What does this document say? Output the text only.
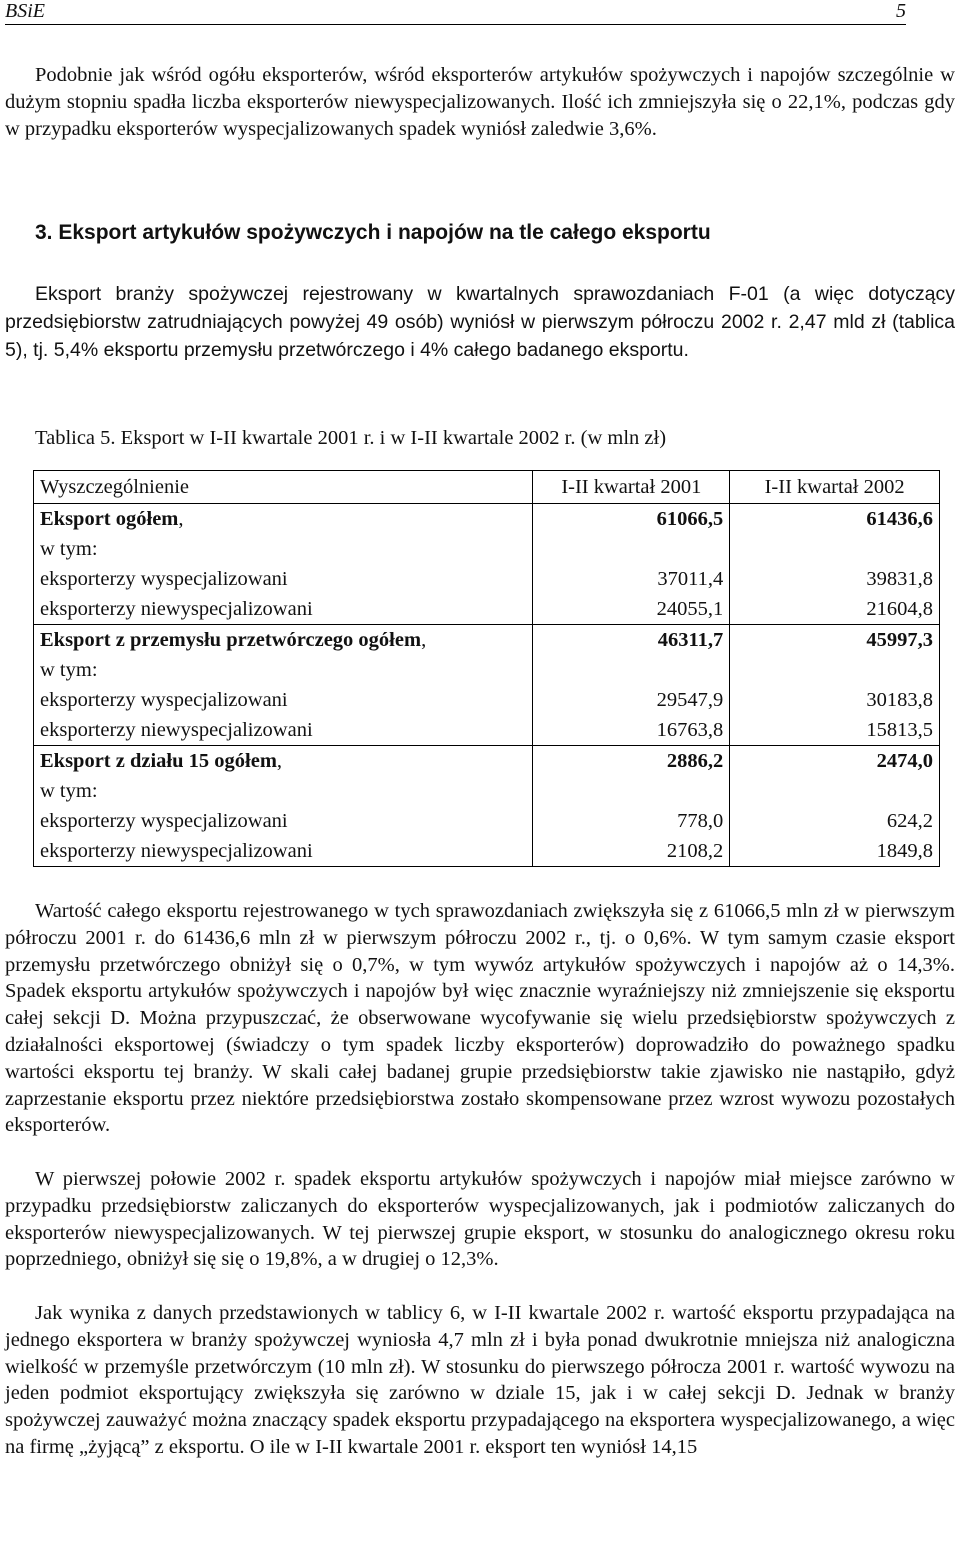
BSiE	5

Podobnie jak wśród ogółu eksporterów, wśród eksporterów artykułów spożywczych i napojów szczególnie w dużym stopniu spadła liczba eksporterów niewyspecjalizowanych. Ilość ich zmniejszyła się o 22,1%, podczas gdy w przypadku eksporterów wyspecjalizowanych spadek wyniósł zaledwie 3,6%.

3. Eksport artykułów spożywczych i napojów na tle całego eksportu

Eksport branży spożywczej rejestrowany w kwartalnych sprawozdaniach F-01 (a więc dotyczący przedsiębiorstw zatrudniających powyżej 49 osób) wyniósł w pierwszym półroczu 2002 r. 2,47 mld zł (tablica 5), tj. 5,4% eksportu przemysłu przetwórczego i 4% całego badanego eksportu.

Tablica 5. Eksport w I-II kwartale 2001 r. i w I-II kwartale 2002 r. (w mln zł)

Wyszczególnienie	I-II kwartał 2001	I-II kwartał 2002
Eksport ogółem,	61066,5	61436,6
w tym:		
eksporterzy wyspecjalizowani	37011,4	39831,8
eksporterzy niewyspecjalizowani	24055,1	21604,8
Eksport z przemysłu przetwórczego ogółem,	46311,7	45997,3
w tym:		
eksporterzy wyspecjalizowani	29547,9	30183,8
eksporterzy niewyspecjalizowani	16763,8	15813,5
Eksport z działu 15 ogółem,	2886,2	2474,0
w tym:		
eksporterzy wyspecjalizowani	778,0	624,2
eksporterzy niewyspecjalizowani	2108,2	1849,8

Wartość całego eksportu rejestrowanego w tych sprawozdaniach zwiększyła się z 61066,5 mln zł w pierwszym półroczu 2001 r. do 61436,6 mln zł w pierwszym półroczu 2002 r., tj. o 0,6%. W tym samym czasie eksport przemysłu przetwórczego obniżył się o 0,7%, w tym wywóz artykułów spożywczych i napojów aż o 14,3%. Spadek eksportu artykułów spożywczych i napojów był więc znacznie wyraźniejszy niż zmniejszenie się eksportu całej sekcji D. Można przypuszczać, że obserwowane wycofywanie się wielu przedsiębiorstw spożywczych z działalności eksportowej (świadczy o tym spadek liczby eksporterów) doprowadziło do poważnego spadku wartości eksportu tej branży. W skali całej badanej grupie przedsiębiorstw takie zjawisko nie nastąpiło, gdyż zaprzestanie eksportu przez niektóre przedsiębiorstwa zostało skompensowane przez wzrost wywozu pozostałych eksporterów.

W pierwszej połowie 2002 r. spadek eksportu artykułów spożywczych i napojów miał miejsce zarówno w przypadku przedsiębiorstw zaliczanych do eksporterów wyspecjalizowanych, jak i podmiotów zaliczanych do eksporterów niewyspecjalizowanych. W tej pierwszej grupie eksport, w stosunku do analogicznego okresu roku poprzedniego, obniżył się się o 19,8%, a w drugiej o 12,3%.

Jak wynika z danych przedstawionych w tablicy 6, w I-II kwartale 2002 r. wartość eksportu przypadająca na jednego eksportera w branży spożywczej wyniosła 4,7 mln zł i była ponad dwukrotnie mniejsza niż analogiczna wielkość w przemyśle przetwórczym (10 mln zł). W stosunku do pierwszego półrocza 2001 r. wartość wywozu na jeden podmiot eksportujący zwiększyła się zarówno w dziale 15, jak i w całej sekcji D. Jednak w branży spożywczej zauważyć można znaczący spadek eksportu przypadającego na eksportera wyspecjalizowanego, a więc na firmę „żyjącą” z eksportu. O ile w I-II kwartale 2001 r. eksport ten wyniósł 14,15
